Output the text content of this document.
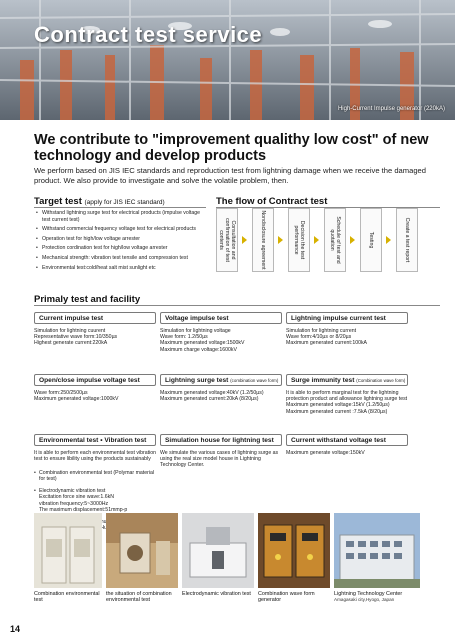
Contract test service
High-Current Impulse generator (220kA)
We contribute to "improvement qualithy low cost" of new technology and develop products
We perform based on JIS IEC standards and reproduction test from lightning damage when we receive the damaged product. We also provide to investigate and solve the volatile problem, then.
Target test (apply for JIS IEC standard)
• Withstand lightning surge test for electrical products (impulse voltage test current test)
• Withstand commercial frequency voltage test for electrical products
• Operation test for high/low voltage arrester
• Protection cordination test for high/low voltage arrester
• Mechanical strength: vibration test tensile and compression test
• Environmental test:cold/heat salt mist sunlight etc
The flow of Contract test
Consultation and confirmation of test contents	Nondisclosure agreement	Decision the test performance	Schedule of test and quotation	Testing	Create a test report
Primaly test and facility
Current impulse test
Simulation for lightning cuurent
Representative wave form:10/350µs
Highest generate current:220kA
Voltage impulse test
Simulation for lightning voltage
Wave form: 1.2/50µs
Maximum generated voltage:1500kV
Maximum charge voltage:1600kV
Lightning impulse current test
Simulation for lightning current
Wave form:4/10µs or 8/20µs
Maximum generated current:100kA
Open/close impulse voltage test
Wave form:250/2500µs
Maximum generated voltage:1000kV
Lightning surge test (combination wave form)
Maximum generated voltage:40kV (1.2/50µs)
Maximum generated current:20kA (8/20µs)
Surge immunity test (Combination wave form)
It is able to perform marginal test for the lightning protection product and allowance lightning surge test
Maximum generated voltage:15kV (1.2/50µs)
Maximum generated current :7.5kA (8/20µs)
Environmental test • Vibration test
It is able to perform each environmental test vibration test to ensure libility using the products sustainably

• Combination environmental test (Polymar material for test)

• Electrodynamic vibration test
Excitation force sine wave:1.6kN
vibration frequency:5~3000Hz
The maximum displacement:51mmp-p

•

Simulation house for lightning test
We simulate the various cases of lightning surge as using the real size model house in Lightning Technology Center.
Current withstand voltage test
Maximum generate voltage:150kV
Combination environmental test
the situation of combination environmental test
Electrodynamic vibration test	Combination wave form generator
Lightning Technology Center
Amagasaki city,Hyogo, Japan
14
